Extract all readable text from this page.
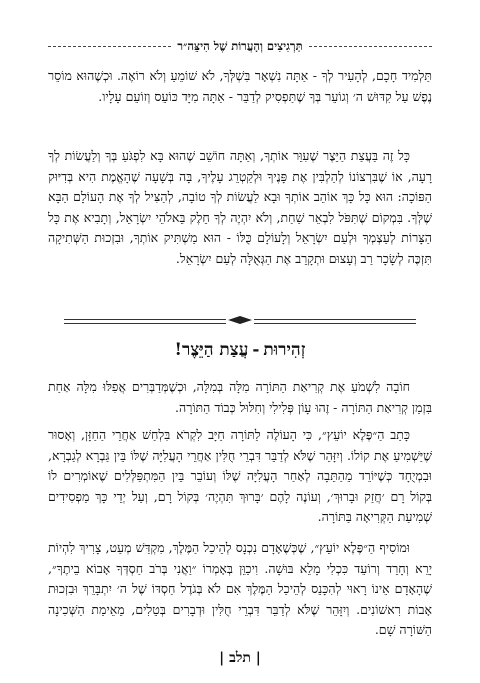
תַּרְגִיצִים וְהָעֲרוֹת שֶׁל הִיצֵּה״ר

תַּלְמִיד חָכָם, לְהָעִיר לְךָ - אַתָּה נִשְׁאָר בִּשְׁלְּךָ, לֹא שׁוֹמֵעַ וְלֹא רוֹאֶה. וּכְשֶׁהוּא מוֹסֵר נֶפֶשׁ עַל קִדּוּשׁ ה׳ וְגוֹעֵר בְּךָ שֶׁתַּפְסִיק לְדַבֵּר - אַתָּה מִיָּד כּוֹעֵס וְזוֹעֵם עָלָיו.

כָּל זֶה בַּעֲצַת הַיֵּצֶר שֶׁעִוֵּר אוֹתְךָ, וְאַתָּה חוֹשֵׁב שֶׁהוּא בָּא לִפְגֹּעַ בְּךָ וְלַעֲשׂוֹת לְךָ רָעָה, אוֹ שֶׁבִּרְצוֹנוֹ לְהַלְבִּין אֶת פָּנֶיךָ וּלְקַטְרֵג עָלֶיךָ, בָּה בְּשָׁעָה שֶׁהָאֱמֶת הִיא בְּדִיּוּק הַפּוֹכָה: הוּא כָּל כָּךְ אוֹהֵב אוֹתְךָ וּבָא לַעֲשׂוֹת לְךָ טוֹבָה, לְהַצִּיל לְךָ אֶת הָעוֹלָם הַבָּא שֶׁלְּךָ. בִּמְקוֹם שֶׁתִּפֹּל לִבְאֵר שַׁחַת, וְלֹא יִהְיֶה לְךָ חֵלֶק בֵּאלֹהֵי יִשְׂרָאֵל, וְתָבִיא אֶת כָּל הַצָּרוֹת לְעַצְמְךָ וּלְעַם יִשְׂרָאֵל וְלָעוֹלָם כֻּלּוֹ - הוּא מַשְׁתִּיק אוֹתְךָ, וּבִזְכוּת הַשְּׁתִיקָה תִּזְכֶּה לְשָׂכָר רַב וְעָצוּם וּתְקָרֵב אֶת הַגְּאֻלָּה לְעַם יִשְׂרָאֵל.

זְהִירוּת-עֲצַת הַיֵּצֶר!

חוֹבָה לִשְׁמֹעַ אֶת קְרִיאַת הַתּוֹרָה מִלָּה בְּמִלָּה, וּכְשֶׁמְּדַבְּרִים אֲפִלּוּ מִלָּה אַחַת בִּזְמַן קְרִיאַת הַתּוֹרָה - זֶהוּ עָוֹן פְּלִילִי וְחִלּוּל כְּבוֹד הַתּוֹרָה.

כָּתַב הַ״פֶּלֶא יוֹעֵץ״, כִּי הָעוֹלֶה לַתּוֹרָה חַיָּב לִקְרֹא בִּלְחַשׁ אַחֲרֵי הַחַזָּן, וְאָסוּר שֶׁיַּשְׁמִיעַ אֶת קוֹלוֹ. וְיִזָּהֵר שֶׁלֹּא לְדַבֵּר דִּבְרֵי חֻלִּין אַחֲרֵי הָעֲלִיָּה שֶׁלּוֹ בֵּין גַּבְרָא לְגַבְרָא, וּבִמְיֻחָד כְּשֶׁיּוֹרֵד מֵהַתֵּבָה לְאַחַר הָעֲלִיָּה שֶׁלּוֹ וְעוֹבֵר בֵּין הַמִּתְפַּלְּלִים שֶׁאוֹמְרִים לוֹ בְּקוֹל רָם ׳חֲזַק וּבָרוּךְ׳, וְעוֹנֶה לָהֶם ׳בָּרוּךְ תִּהְיֶה׳ בְּקוֹל רָם, וְעַל יְדֵי כָּךְ מַפְסִידִים שְׁמִיעַת הַקְּרִיאָה בַּתּוֹרָה.

וּמוֹסִיף הַ״פֶּלֶא יוֹעֵץ״, שֶׁכְּשֶׁאָדָם נִכְנָס לְהֵיכַל הַמֶּלֶךְ, מִקְדַּשׁ מְעַט, צָרִיךְ לִהְיוֹת יָרֵא וְחָרֵד וְרוֹעֵד כִּכְלִי מָלֵא בּוּשָׁה. וִיכַוֵּן בְּאָמְרוֹ ״וַאֲנִי בְּרֹב חַסְדְּךָ אָבוֹא בֵיתֶךָ״, שֶׁהָאָדָם אֵינוֹ רָאוּי לְהִכָּנֵס לְהֵיכַל הַמֶּלֶךְ אִם לֹא בְּגֹדֶל חַסְדּוֹ שֶׁל ה׳ יִתְבָּרֵךְ וּבִזְכוּת אָבוֹת רִאשׁוֹנִים. וְיִזָּהֵר שֶׁלֹּא לְדַבֵּר דִּבְרֵי חֻלִּין וּדְבָרִים בְּטֵלִים, מֵאֵימַת הַשְּׁכִינָה הַשּׁוֹרָה שָׁם.

| תלב |
